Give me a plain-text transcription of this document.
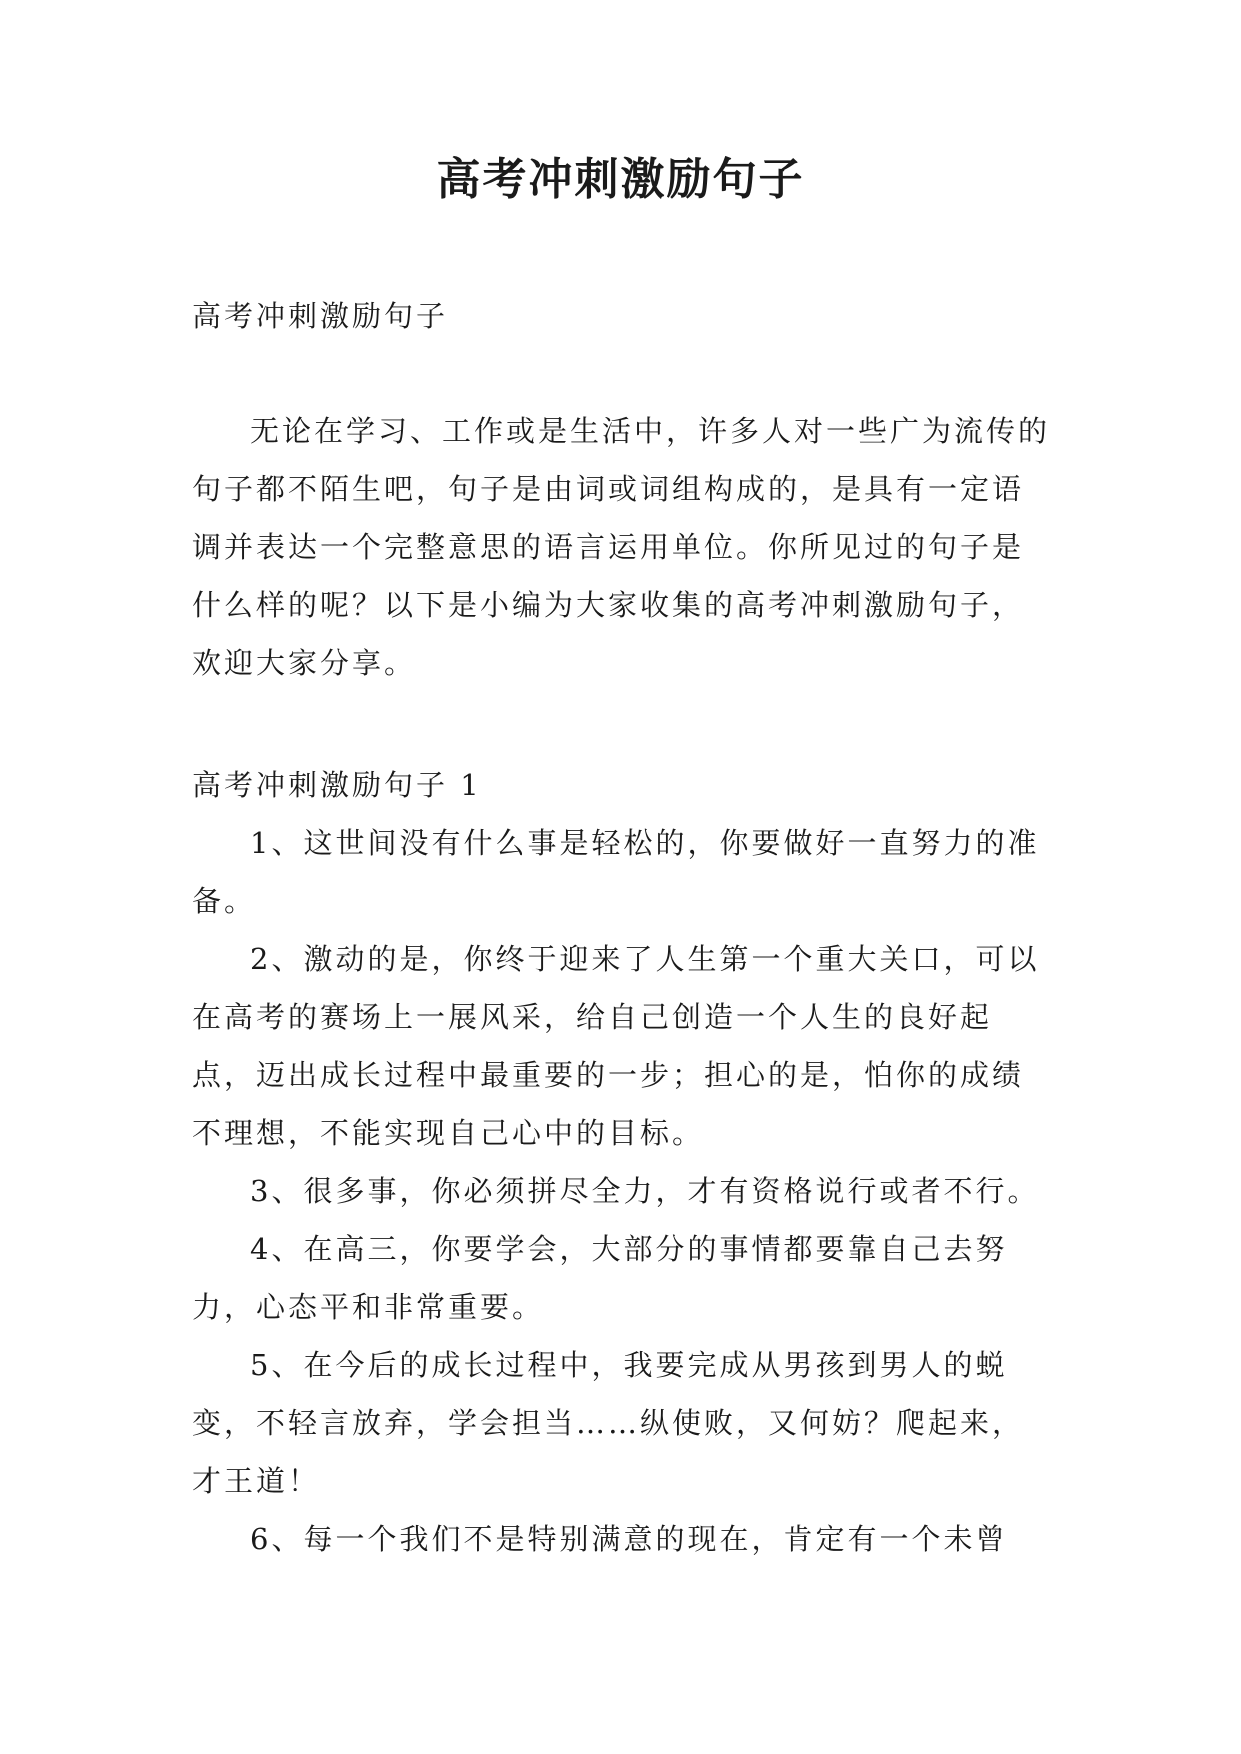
高考冲刺激励句子
高考冲刺激励句子

无论在学习、工作或是生活中，许多人对一些广为流传的句子都不陌生吧，句子是由词或词组构成的，是具有一定语调并表达一个完整意思的语言运用单位。你所见过的句子是什么样的呢？以下是小编为大家收集的高考冲刺激励句子，欢迎大家分享。

高考冲刺激励句子 1

1、这世间没有什么事是轻松的，你要做好一直努力的准备。

2、激动的是，你终于迎来了人生第一个重大关口，可以在高考的赛场上一展风采，给自己创造一个人生的良好起点，迈出成长过程中最重要的一步；担心的是，怕你的成绩不理想，不能实现自己心中的目标。

3、很多事，你必须拼尽全力，才有资格说行或者不行。

4、在高三，你要学会，大部分的事情都要靠自己去努力，心态平和非常重要。

5、在今后的成长过程中，我要完成从男孩到男人的蜕变，不轻言放弃，学会担当……纵使败，又何妨？爬起来，才王道！

6、每一个我们不是特别满意的现在，肯定有一个未曾
